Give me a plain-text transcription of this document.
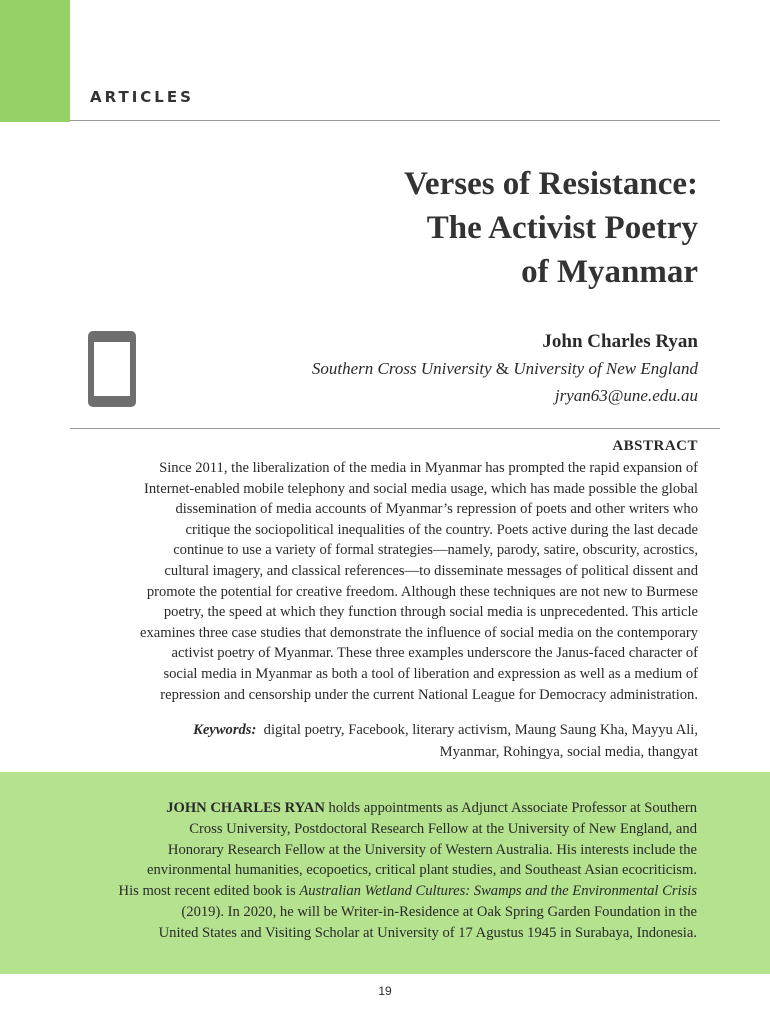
ARTICLES
Verses of Resistance:
The Activist Poetry
of Myanmar
John Charles Ryan
Southern Cross University & University of New England
jryan63@une.edu.au
ABSTRACT
Since 2011, the liberalization of the media in Myanmar has prompted the rapid expansion of
Internet-enabled mobile telephony and social media usage, which has made possible the global
dissemination of media accounts of Myanmar’s repression of poets and other writers who
critique the sociopolitical inequalities of the country. Poets active during the last decade
continue to use a variety of formal strategies—namely, parody, satire, obscurity, acrostics,
cultural imagery, and classical references—to disseminate messages of political dissent and
promote the potential for creative freedom. Although these techniques are not new to Burmese
poetry, the speed at which they function through social media is unprecedented. This article
examines three case studies that demonstrate the influence of social media on the contemporary
activist poetry of Myanmar. These three examples underscore the Janus-faced character of
social media in Myanmar as both a tool of liberation and expression as well as a medium of
repression and censorship under the current National League for Democracy administration.
Keywords: digital poetry, Facebook, literary activism, Maung Saung Kha, Mayyu Ali,
Myanmar, Rohingya, social media, thangyat
JOHN CHARLES RYAN holds appointments as Adjunct Associate Professor at Southern
Cross University, Postdoctoral Research Fellow at the University of New England, and
Honorary Research Fellow at the University of Western Australia. His interests include the
environmental humanities, ecopoetics, critical plant studies, and Southeast Asian ecocriticism.
His most recent edited book is Australian Wetland Cultures: Swamps and the Environmental Crisis
(2019). In 2020, he will be Writer-in-Residence at Oak Spring Garden Foundation in the
United States and Visiting Scholar at University of 17 Agustus 1945 in Surabaya, Indonesia.
19
